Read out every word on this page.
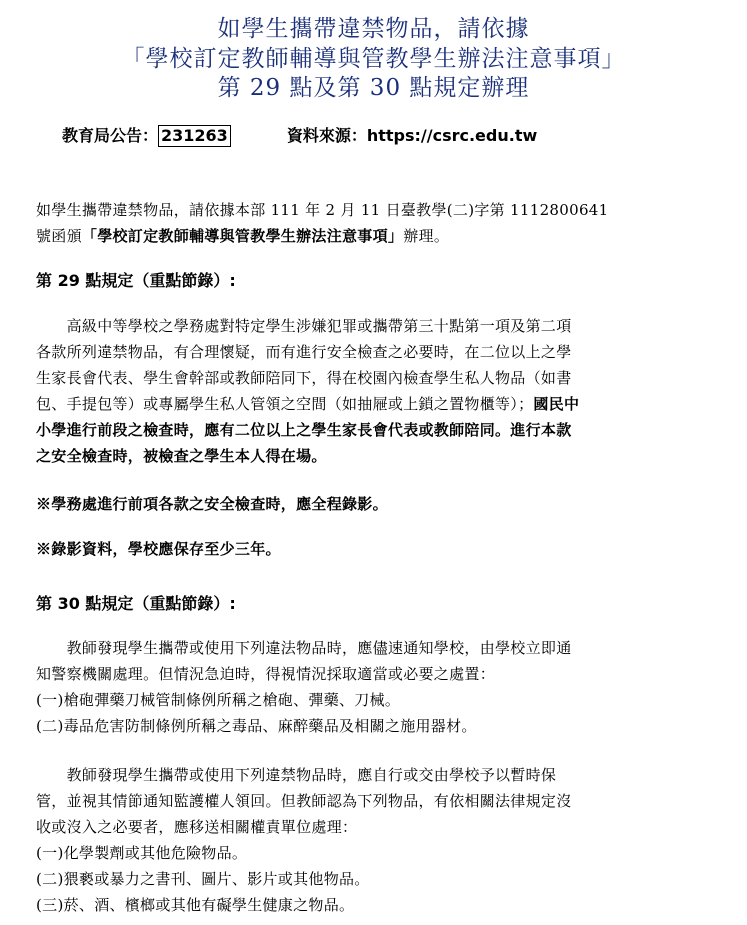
如學生攜帶違禁物品，請依據
「學校訂定教師輔導與管教學生辦法注意事項」
第 29 點及第 30 點規定辦理
教育局公告： 231263	資料來源：https://csrc.edu.tw
如學生攜帶違禁物品，請依據本部 111 年 2 月 11 日臺教學(二)字第 1112800641
號函頒「學校訂定教師輔導與管教學生辦法注意事項」辦理。
第 29 點規定（重點節錄）:
　　高級中等學校之學務處對特定學生涉嫌犯罪或攜帶第三十點第一項及第二項
各款所列違禁物品，有合理懷疑，而有進行安全檢查之必要時，在二位以上之學
生家長會代表、學生會幹部或教師陪同下，得在校園內檢查學生私人物品（如書
包、手提包等）或專屬學生私人管領之空間（如抽屜或上鎖之置物櫃等）；國民中
小學進行前段之檢查時，應有二位以上之學生家長會代表或教師陪同。進行本款
之安全檢查時，被檢查之學生本人得在場。
※學務處進行前項各款之安全檢查時，應全程錄影。
※錄影資料，學校應保存至少三年。
第 30 點規定（重點節錄）:
　　教師發現學生攜帶或使用下列違法物品時，應儘速通知學校，由學校立即通
知警察機關處理。但情況急迫時，得視情況採取適當或必要之處置：
(一)槍砲彈藥刀械管制條例所稱之槍砲、彈藥、刀械。
(二)毒品危害防制條例所稱之毒品、麻醉藥品及相關之施用器材。
　　教師發現學生攜帶或使用下列違禁物品時，應自行或交由學校予以暫時保
管，並視其情節通知監護權人領回。但教師認為下列物品，有依相關法律規定沒
收或沒入之必要者，應移送相關權責單位處理：
(一)化學製劑或其他危險物品。
(二)猥褻或暴力之書刊、圖片、影片或其他物品。
(三)菸、酒、檳榔或其他有礙學生健康之物品。
